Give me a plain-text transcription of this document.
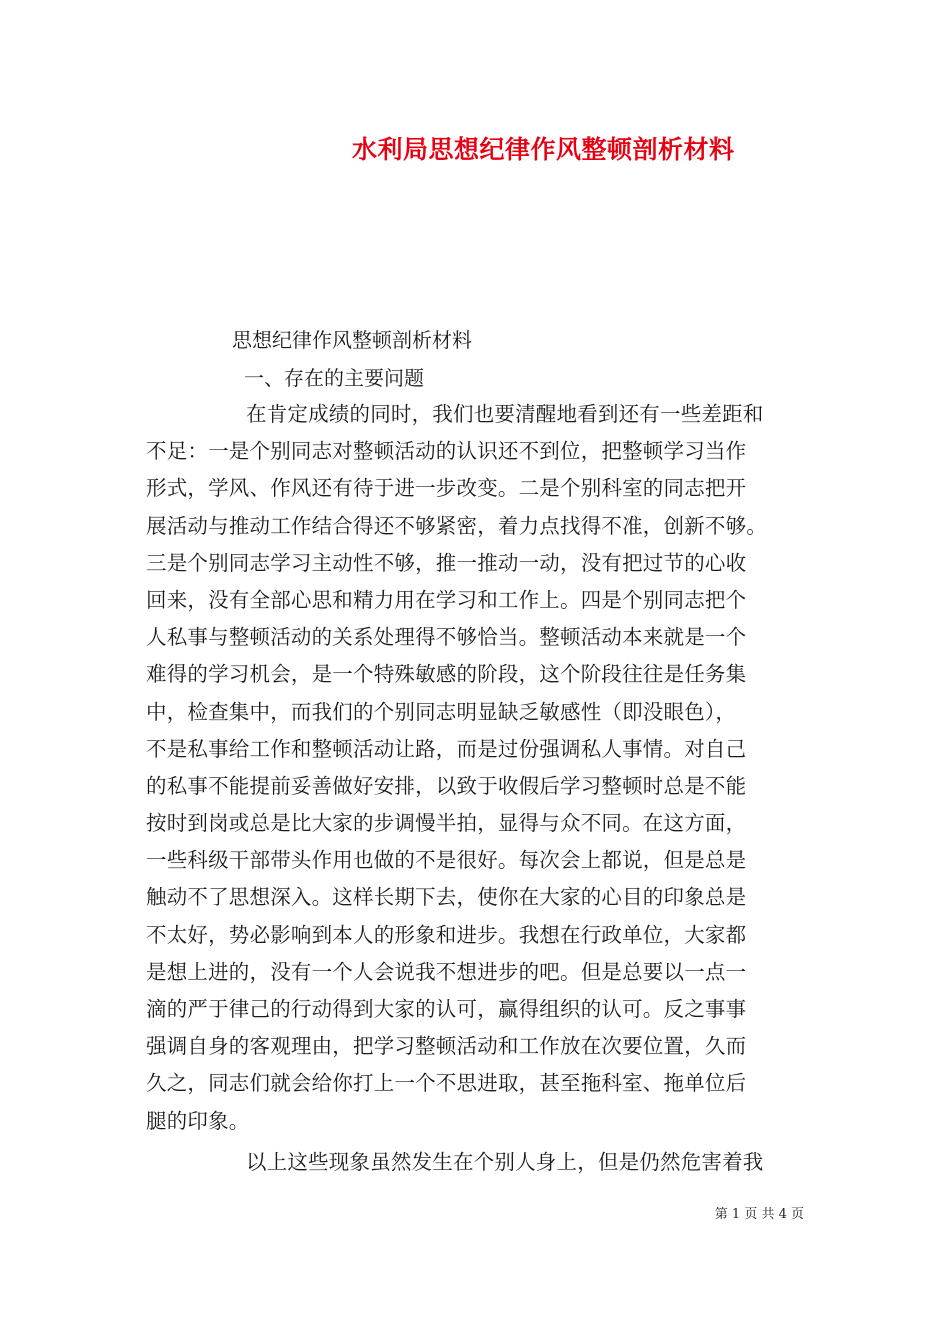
水利局思想纪律作风整顿剖析材料
思想纪律作风整顿剖析材料
一、存在的主要问题
在肯定成绩的同时，我们也要清醒地看到还有一些差距和
不足：一是个别同志对整顿活动的认识还不到位，把整顿学习当作
形式，学风、作风还有待于进一步改变。二是个别科室的同志把开
展活动与推动工作结合得还不够紧密，着力点找得不准，创新不够。
三是个别同志学习主动性不够，推一推动一动，没有把过节的心收
回来，没有全部心思和精力用在学习和工作上。四是个别同志把个
人私事与整顿活动的关系处理得不够恰当。整顿活动本来就是一个
难得的学习机会，是一个特殊敏感的阶段，这个阶段往往是任务集
中，检查集中，而我们的个别同志明显缺乏敏感性（即没眼色），
不是私事给工作和整顿活动让路，而是过份强调私人事情。对自己
的私事不能提前妥善做好安排，以致于收假后学习整顿时总是不能
按时到岗或总是比大家的步调慢半拍，显得与众不同。在这方面，
一些科级干部带头作用也做的不是很好。每次会上都说，但是总是
触动不了思想深入。这样长期下去，使你在大家的心目的印象总是
不太好，势必影响到本人的形象和进步。我想在行政单位，大家都
是想上进的，没有一个人会说我不想进步的吧。但是总要以一点一
滴的严于律己的行动得到大家的认可，赢得组织的认可。反之事事
强调自身的客观理由，把学习整顿活动和工作放在次要位置，久而
久之，同志们就会给你打上一个不思进取，甚至拖科室、拖单位后
腿的印象。
以上这些现象虽然发生在个别人身上，但是仍然危害着我
第 1 页 共 4 页
